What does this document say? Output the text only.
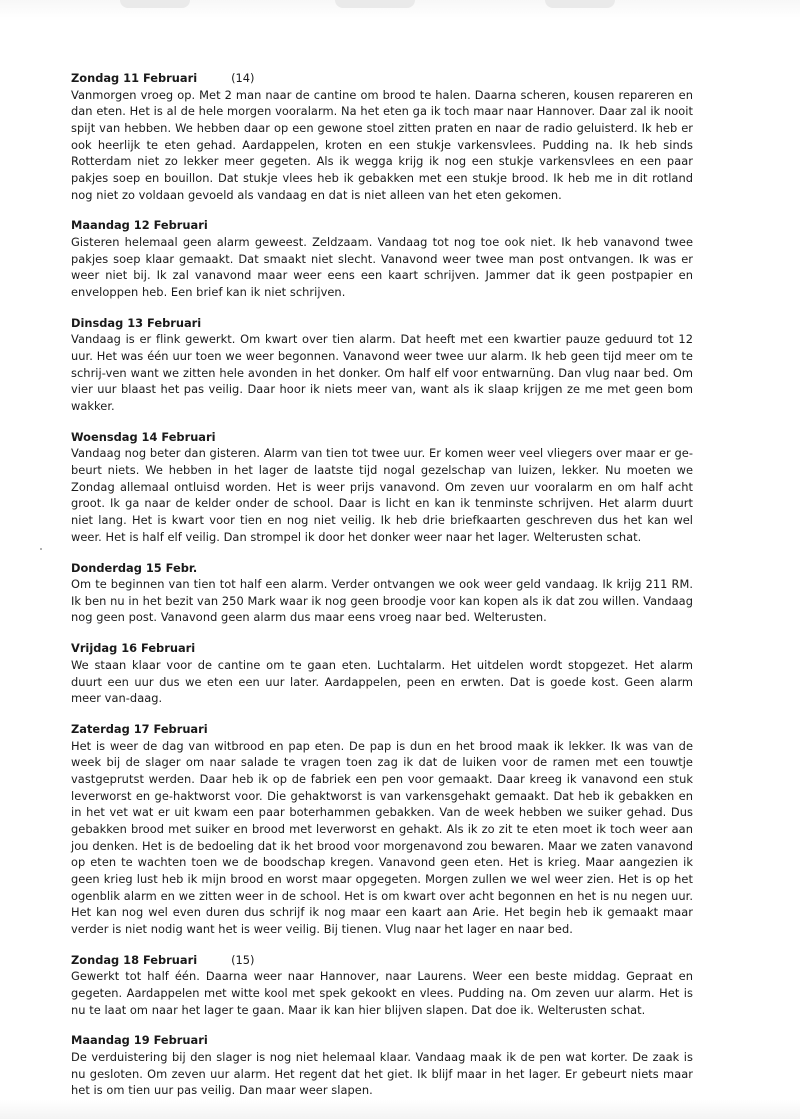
Zondag 11 Februari	(14)
Vanmorgen vroeg op. Met 2 man naar de cantine om brood te halen. Daarna scheren, kousen repareren en dan eten. Het is al de hele morgen vooralarm. Na het eten ga ik toch maar naar Hannover. Daar zal ik nooit spijt van hebben. We hebben daar op een gewone stoel zitten praten en naar de radio geluisterd. Ik heb er ook heerlijk te eten gehad. Aardappelen, kroten en een stukje varkensvlees. Pudding na. Ik heb sinds Rotterdam niet zo lekker meer gegeten. Als ik wegga krijg ik nog een stukje varkensvlees en een paar pakjes soep en bouillon. Dat stukje vlees heb ik gebakken met een stukje brood. Ik heb me in dit rotland nog niet zo voldaan gevoeld als vandaag en dat is niet alleen van het eten gekomen.
Maandag 12 Februari
Gisteren helemaal geen alarm geweest. Zeldzaam. Vandaag tot nog toe ook niet. Ik heb vanavond twee pakjes soep klaar gemaakt. Dat smaakt niet slecht. Vanavond weer twee man post ontvangen. Ik was er weer niet bij. Ik zal vanavond maar weer eens een kaart schrijven. Jammer dat ik geen postpapier en enveloppen heb. Een brief kan ik niet schrijven.
Dinsdag 13 Februari
Vandaag is er flink gewerkt. Om kwart over tien alarm. Dat heeft met een kwartier pauze geduurd tot 12 uur. Het was één uur toen we weer begonnen. Vanavond weer twee uur alarm. Ik heb geen tijd meer om te schrij-ven want we zitten hele avonden in het donker. Om half elf voor entwarnüng. Dan vlug naar bed. Om vier uur blaast het pas veilig. Daar hoor ik niets meer van, want als ik slaap krijgen ze me met geen bom wakker.
Woensdag 14 Februari
Vandaag nog beter dan gisteren. Alarm van tien tot twee uur. Er komen weer veel vliegers over maar er ge-beurt niets. We hebben in het lager de laatste tijd nogal gezelschap van luizen, lekker. Nu moeten we Zondag allemaal ontluisd worden. Het is weer prijs vanavond. Om zeven uur vooralarm en om half acht groot. Ik ga naar de kelder onder de school. Daar is licht en kan ik tenminste schrijven. Het alarm duurt niet lang. Het is kwart voor tien en nog niet veilig. Ik heb drie briefkaarten geschreven dus het kan wel weer. Het is half elf veilig. Dan strompel ik door het donker weer naar het lager. Welterusten schat.
Donderdag 15 Febr.
Om te beginnen van tien tot half een alarm. Verder ontvangen we ook weer geld vandaag. Ik krijg 211 RM. Ik ben nu in het bezit van 250 Mark waar ik nog geen broodje voor kan kopen als ik dat zou willen. Vandaag nog geen post. Vanavond geen alarm dus maar eens vroeg naar bed. Welterusten.
Vrijdag 16 Februari
We staan klaar voor de cantine om te gaan eten. Luchtalarm. Het uitdelen wordt stopgezet. Het alarm duurt een uur dus we eten een uur later. Aardappelen, peen en erwten. Dat is goede kost. Geen alarm meer van-daag.
Zaterdag 17 Februari
Het is weer de dag van witbrood en pap eten. De pap is dun en het brood maak ik lekker. Ik was van de week bij de slager om naar salade te vragen toen zag ik dat de luiken voor de ramen met een touwtje vastgeprutst werden. Daar heb ik op de fabriek een pen voor gemaakt. Daar kreeg ik vanavond een stuk leverworst en ge-haktworst voor. Die gehaktworst is van varkensgehakt gemaakt. Dat heb ik gebakken en in het vet wat er uit kwam een paar boterhammen gebakken. Van de week hebben we suiker gehad. Dus gebakken brood met suiker en brood met leverworst en gehakt. Als ik zo zit te eten moet ik toch weer aan jou denken. Het is de bedoeling dat ik het brood voor morgenavond zou bewaren. Maar we zaten vanavond op eten te wachten toen we de boodschap kregen. Vanavond geen eten. Het is krieg. Maar aangezien ik geen krieg lust heb ik mijn brood en worst maar opgegeten. Morgen zullen we wel weer zien. Het is op het ogenblik alarm en we zitten weer in de school. Het is om kwart over acht begonnen en het is nu negen uur. Het kan nog wel even duren dus schrijf ik nog maar een kaart aan Arie. Het begin heb ik gemaakt maar verder is niet nodig want het is weer veilig. Bij tienen. Vlug naar het lager en naar bed.
Zondag 18 Februari	(15)
Gewerkt tot half één. Daarna weer naar Hannover, naar Laurens. Weer een beste middag. Gepraat en gegeten. Aardappelen met witte kool met spek gekookt en vlees. Pudding na. Om zeven uur alarm. Het is nu te laat om naar het lager te gaan. Maar ik kan hier blijven slapen. Dat doe ik. Welterusten schat.
Maandag 19 Februari
De verduistering bij den slager is nog niet helemaal klaar. Vandaag maak ik de pen wat korter. De zaak is nu gesloten. Om zeven uur alarm. Het regent dat het giet. Ik blijf maar in het lager. Er gebeurt niets maar het is om tien uur pas veilig. Dan maar weer slapen.
